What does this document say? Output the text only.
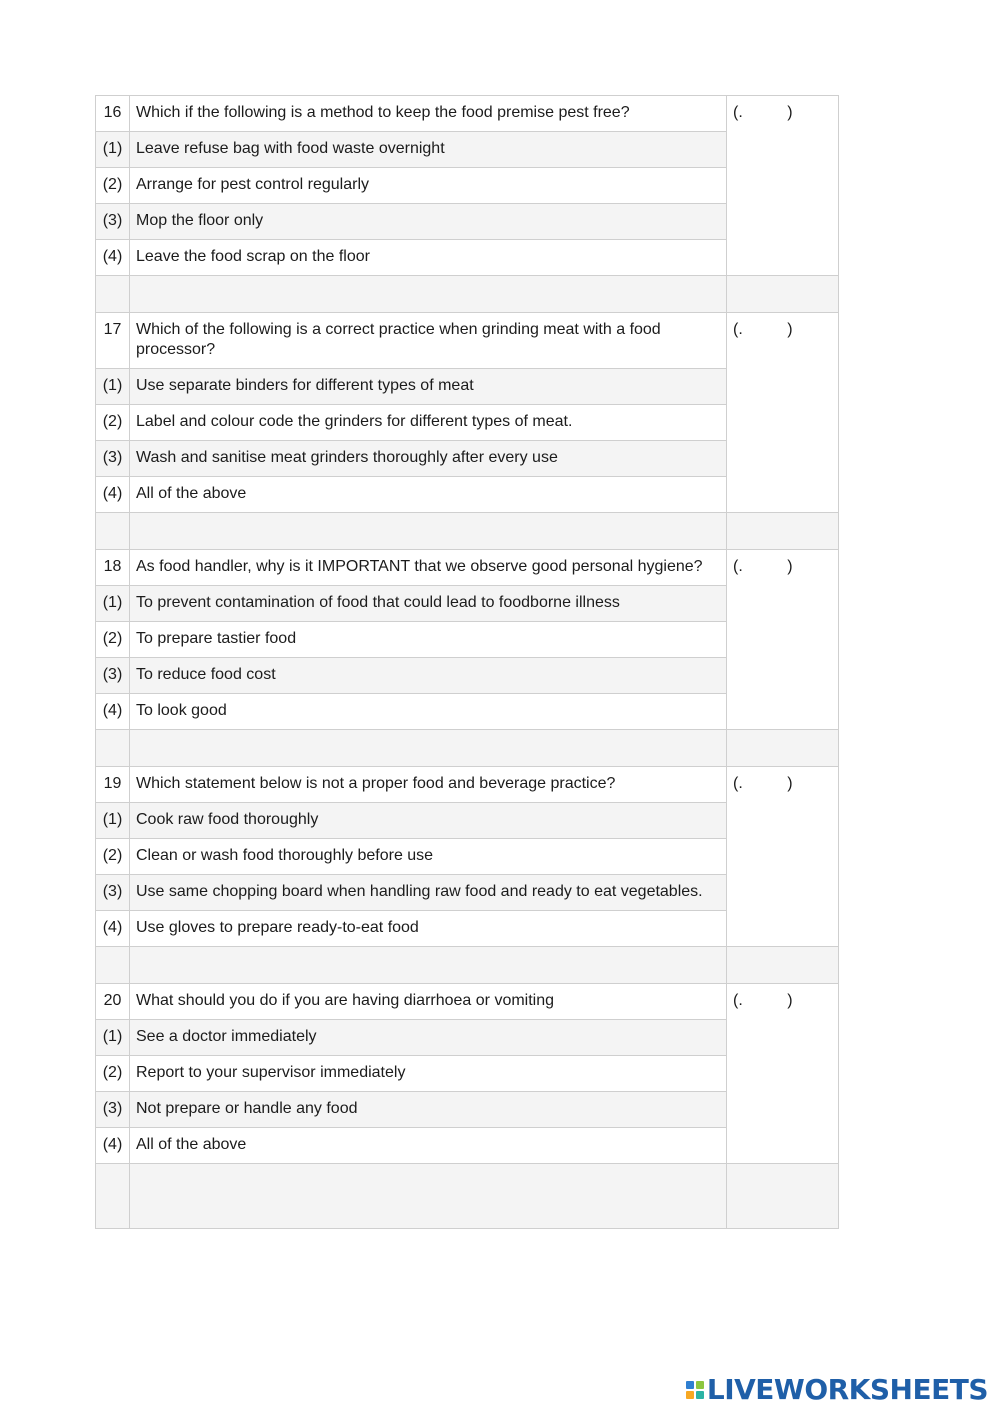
16	Which if the following is a method to keep the food premise pest free?	(.          )
(1)	Leave refuse bag with food waste overnight	
(2)	Arrange for pest control regularly	
(3)	Mop the floor only	
(4)	Leave the food scrap on the floor	

17	Which of the following is a correct practice when grinding meat with a food processor?	(.          )
(1)	Use separate binders for different types of meat	
(2)	Label and colour code the grinders for different types of meat.	
(3)	Wash and sanitise meat grinders thoroughly after every use	
(4)	All of the above	

18	As food handler, why is it IMPORTANT that we observe good personal hygiene?	(.          )
(1)	To prevent contamination of food that could lead to foodborne illness	
(2)	To prepare tastier food	
(3)	To reduce food cost	
(4)	To look good	

19	Which statement below is not a proper food and beverage practice?	(.          )
(1)	Cook raw food thoroughly	
(2)	Clean or wash food thoroughly before use	
(3)	Use same chopping board when handling raw food and ready to eat vegetables.	
(4)	Use gloves to prepare ready-to-eat food	

20	What should you do if you are having diarrhoea or vomiting	(.          )
(1)	See a doctor immediately	
(2)	Report to your supervisor immediately	
(3)	Not prepare or handle any food	
(4)	All of the above	

LIVEWORKSHEETS
